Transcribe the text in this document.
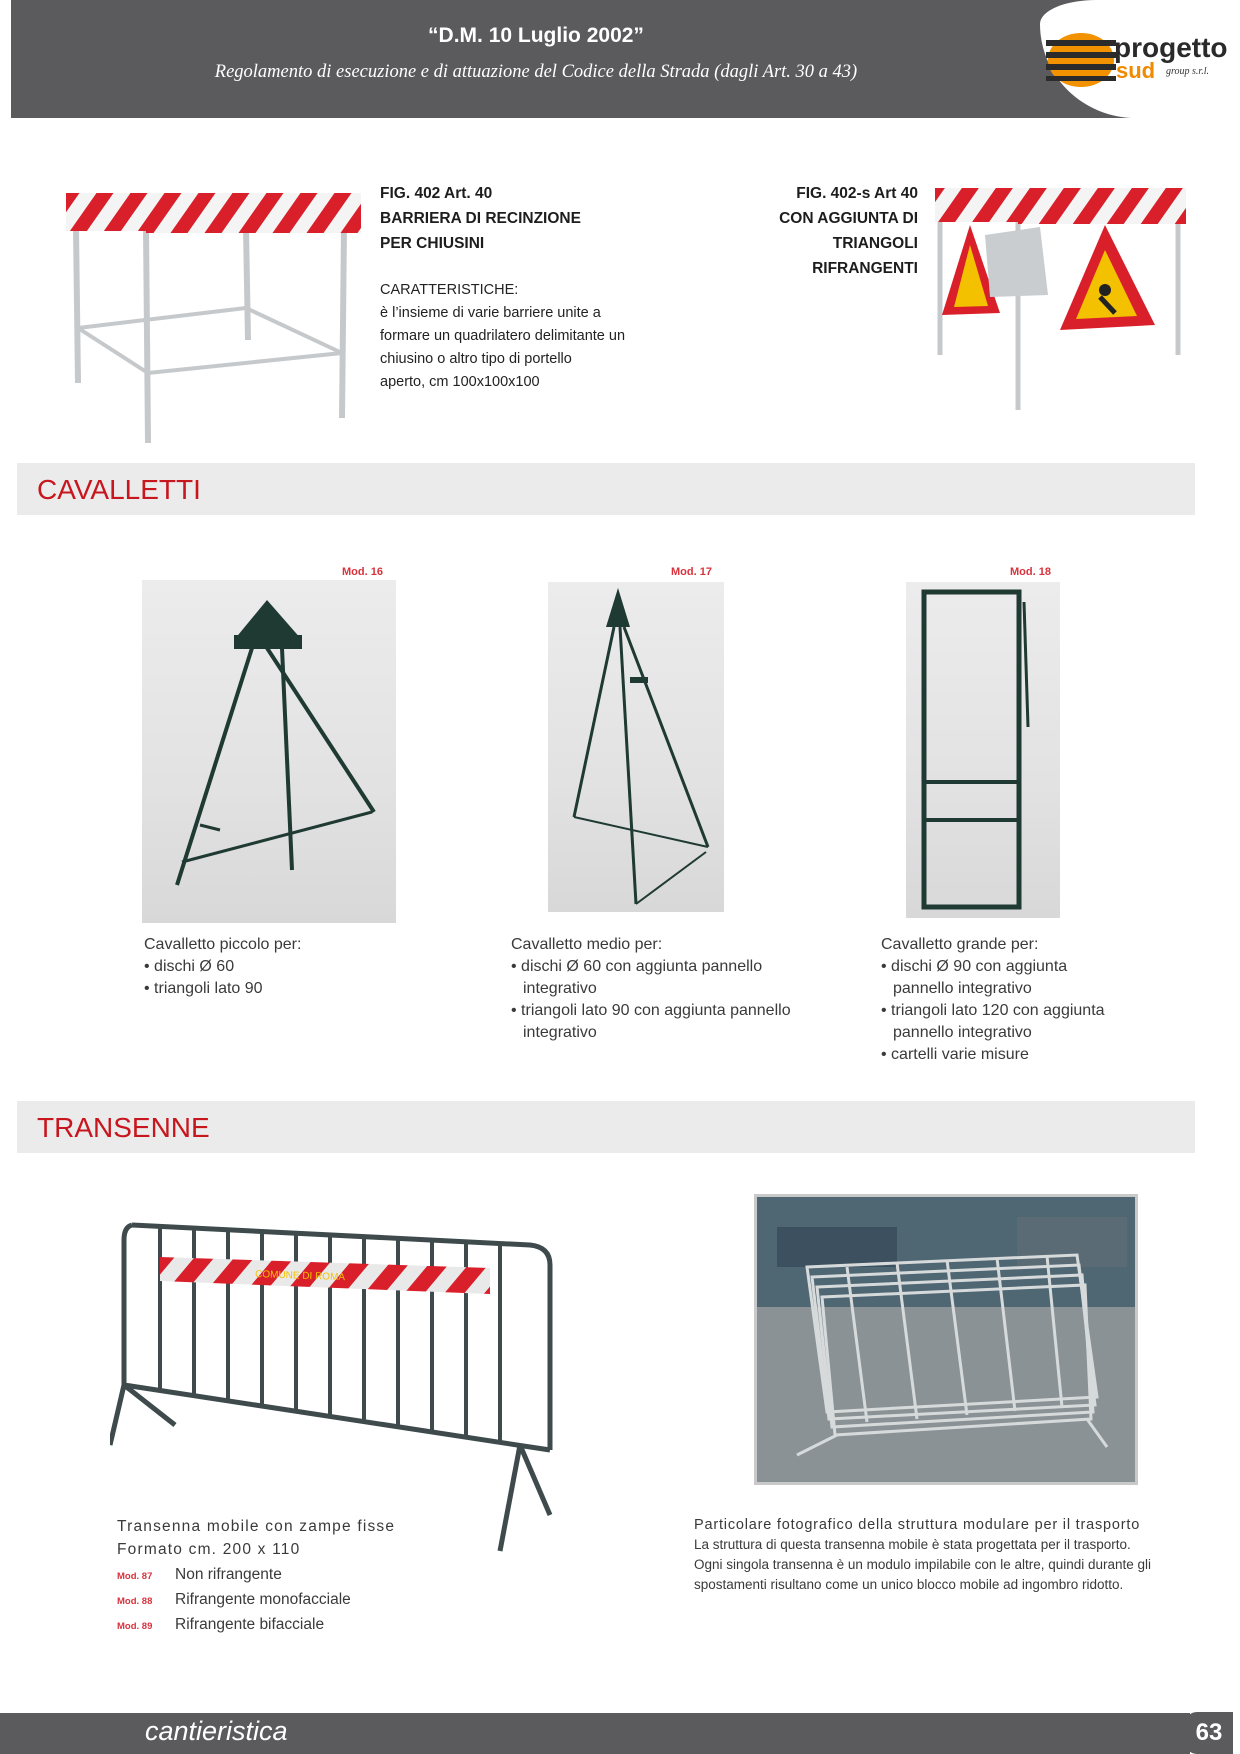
“D.M. 10 Luglio 2002”
Regolamento di esecuzione e di attuazione del Codice della Strada (dagli Art. 30 a 43)
progetto
sud group s.r.l.
FIG. 402 Art. 40
BARRIERA DI RECINZIONE
PER CHIUSINI
CARATTERISTICHE:
è l’insieme di varie barriere unite a
formare un quadrilatero delimitante un
chiusino o altro tipo di portello
aperto, cm 100x100x100
FIG. 402-s Art 40
CON AGGIUNTA DI
TRIANGOLI
RIFRANGENTI
CAVALLETTI
Mod. 16
Cavalletto piccolo per:
• dischi Ø 60
• triangoli lato 90
Mod. 17
Cavalletto medio per:
• dischi Ø 60 con aggiunta pannello
integrativo
• triangoli lato 90 con aggiunta pannello
integrativo
Mod. 18
Cavalletto grande per:
• dischi Ø 90 con aggiunta
pannello integrativo
• triangoli lato 120 con aggiunta
pannello integrativo
• cartelli varie misure
TRANSENNE
COMUNE DI ROMA
Transenna mobile con zampe fisse
Formato cm. 200 x 110
Mod. 87 Non rifrangente
Mod. 88 Rifrangente monofacciale
Mod. 89 Rifrangente bifacciale
Particolare fotografico della struttura modulare per il trasporto
La struttura di questa transenna mobile è stata progettata per il trasporto.
Ogni singola transenna è un modulo impilabile con le altre, quindi durante gli
spostamenti risultano come un unico blocco mobile ad ingombro ridotto.
cantieristica	63
